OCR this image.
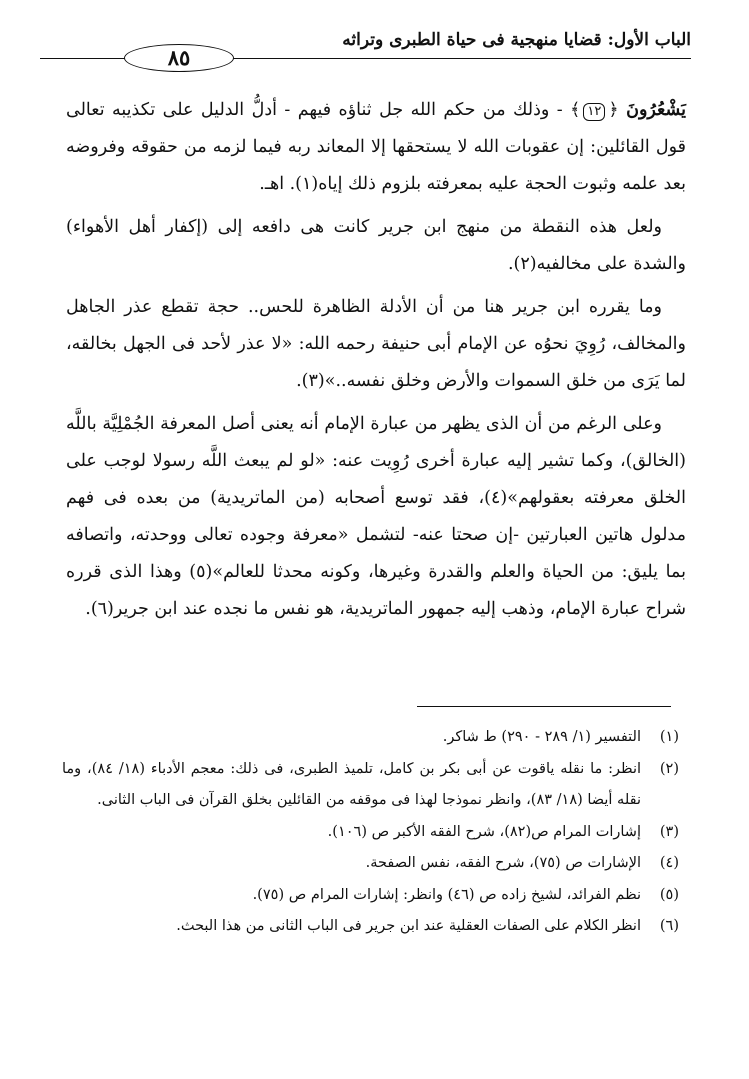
الباب الأول: قضايا منهجية فى حياة الطبرى وتراثه
٨٥

يَشْعُرُونَ ﴿١٢﴾ - وذلك من حكم الله جل ثناؤه فيهم - أدلُّ الدليل على تكذيبه تعالى قول القائلين: إن عقوبات الله لا يستحقها إلا المعاند ربه فيما لزمه من حقوقه وفروضه بعد علمه وثبوت الحجة عليه بمعرفته بلزوم ذلك إياه(١). اهـ.

ولعل هذه النقطة من منهج ابن جرير كانت هى دافعه إلى (إكفار أهل الأهواء) والشدة على مخالفيه(٢).

وما يقرره ابن جرير هنا من أن الأدلة الظاهرة للحس.. حجة تقطع عذر الجاهل والمخالف، رُوِيَ نحوُه عن الإمام أبى حنيفة رحمه الله: «لا عذر لأحد فى الجهل بخالقه، لما يَرَى من خلق السموات والأرض وخلق نفسه..»(٣).

وعلى الرغم من أن الذى يظهر من عبارة الإمام أنه يعنى أصل المعرفة الجُمْلِيَّة باللَّه (الخالق)، وكما تشير إليه عبارة أخرى رُوِيت عنه: «لو لم يبعث اللَّه رسولا لوجب على الخلق معرفته بعقولهم»(٤)، فقد توسع أصحابه (من الماتريدية) من بعده فى فهم مدلول هاتين العبارتين -إن صحتا عنه- لتشمل «معرفة وجوده تعالى ووحدته، واتصافه بما يليق: من الحياة والعلم والقدرة وغيرها، وكونه محدثا للعالم»(٥) وهذا الذى قرره شراح عبارة الإمام، وذهب إليه جمهور الماتريدية، هو نفس ما نجده عند ابن جرير(٦).

(١)
التفسير (١/ ٢٨٩ - ٢٩٠) ط شاكر.
(٢)
انظر: ما نقله ياقوت عن أبى بكر بن كامل، تلميذ الطبرى، فى ذلك: معجم الأدباء (١٨/ ٨٤)، وما نقله أيضا (١٨/ ٨٣)، وانظر نموذجا لهذا فى موقفه من القائلين بخلق القرآن فى الباب الثانى.
(٣)
إشارات المرام ص(٨٢)، شرح الفقه الأكبر ص (١٠٦).
(٤)
الإشارات ص (٧٥)، شرح الفقه، نفس الصفحة.
(٥)
نظم الفرائد، لشيخ زاده ص (٤٦) وانظر: إشارات المرام ص (٧٥).
(٦)
انظر الكلام على الصفات العقلية عند ابن جرير فى الباب الثانى من هذا البحث.
